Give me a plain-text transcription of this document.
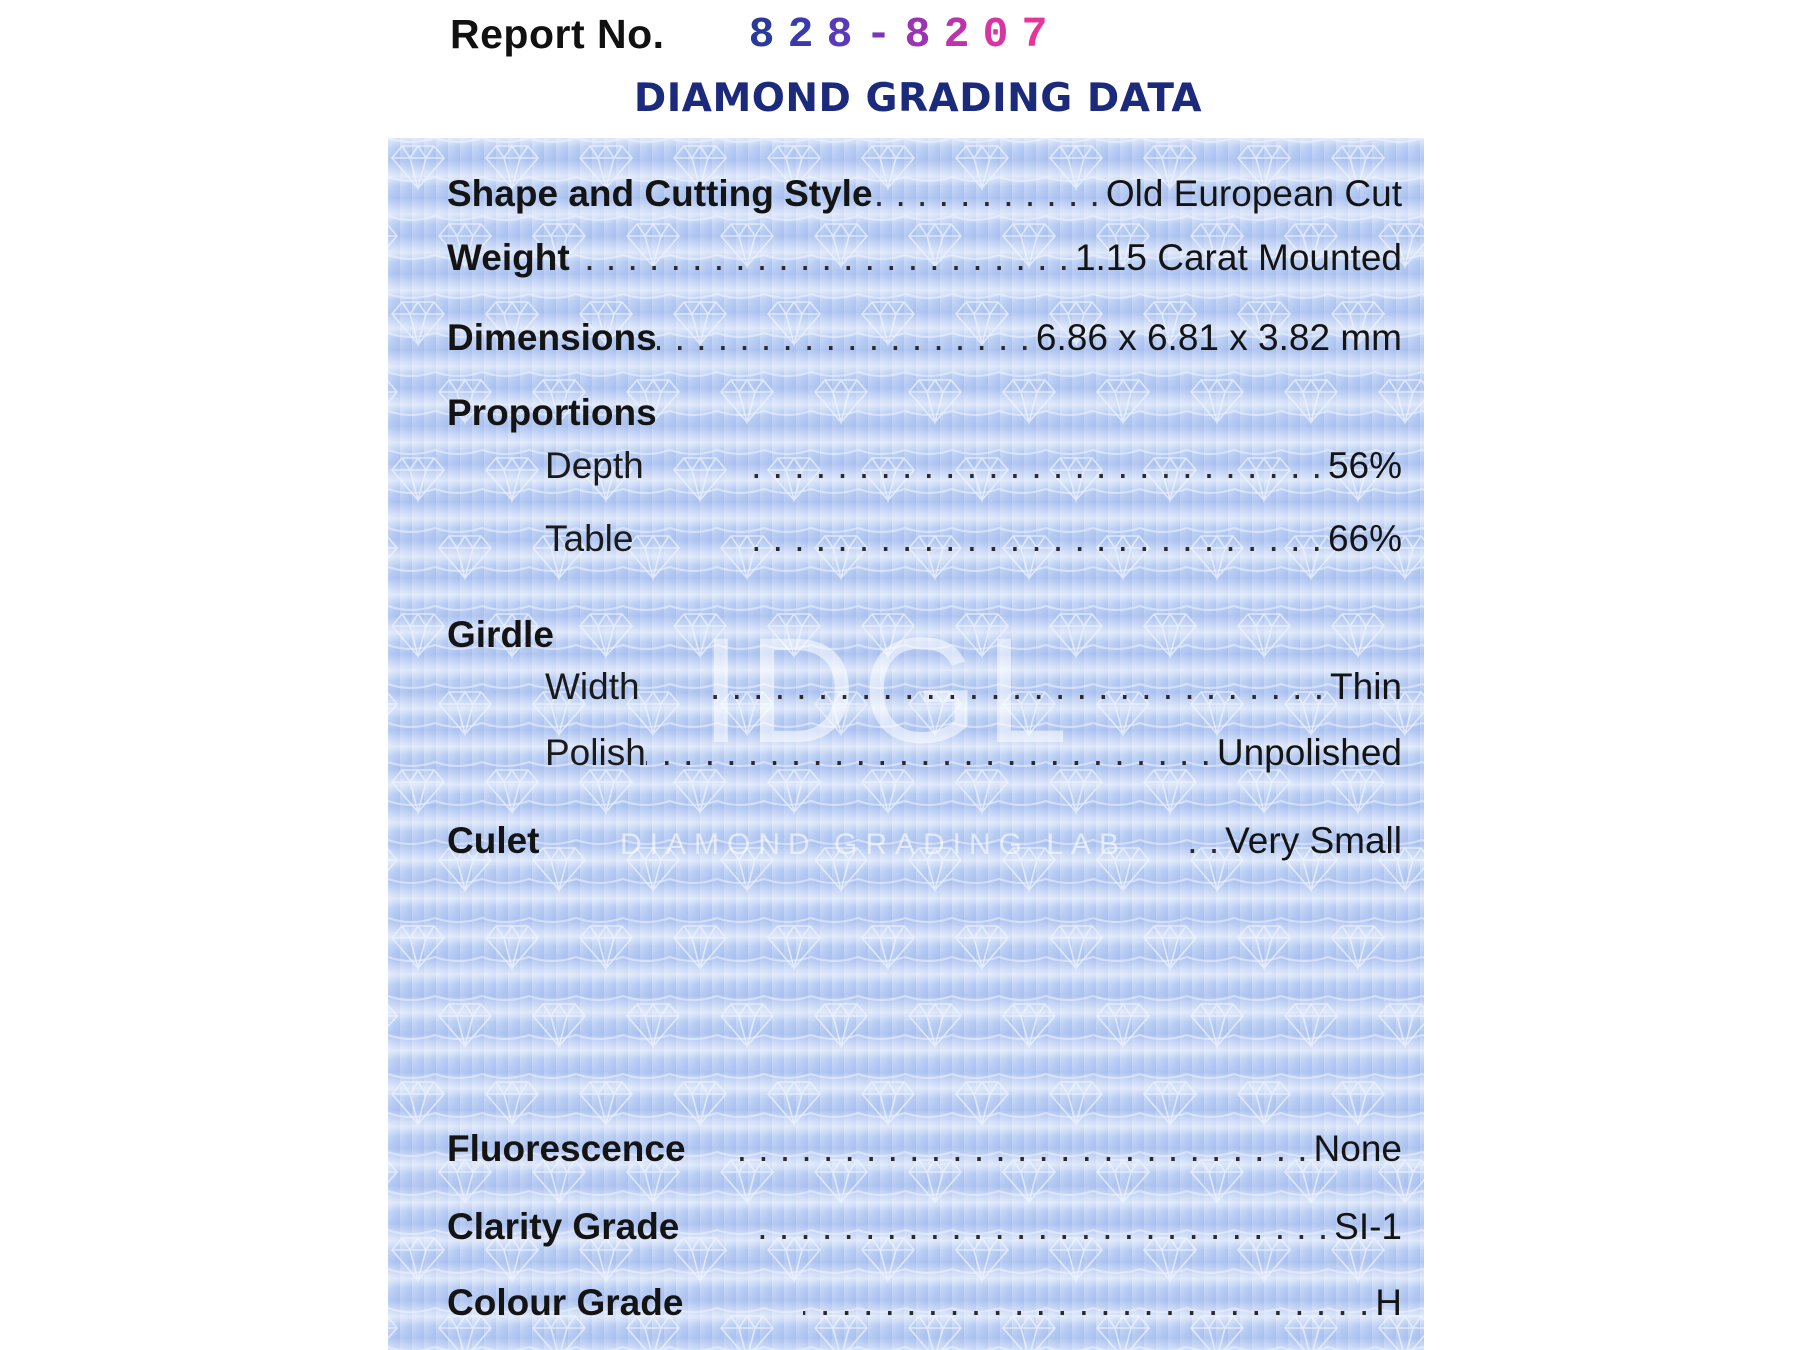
Report No. 8 2 8 - 8 2 0 7
DIAMOND GRADING DATA
IDGL
DIAMOND GRADING LAB
Shape and Cutting Style . . .	Old European Cut
Weight . . .	1.15 Carat Mounted
Dimensions . . .	6.86 x 6.81 x 3.82 mm
Proportions
Depth . . .	56%
Table . . .	66%
Girdle
Width . . .	Thin
Polish . . .	Unpolished
Culet . . .	Very Small
Fluorescence . . .	None
Clarity Grade . . .	SI-1
Colour Grade . . .	H
